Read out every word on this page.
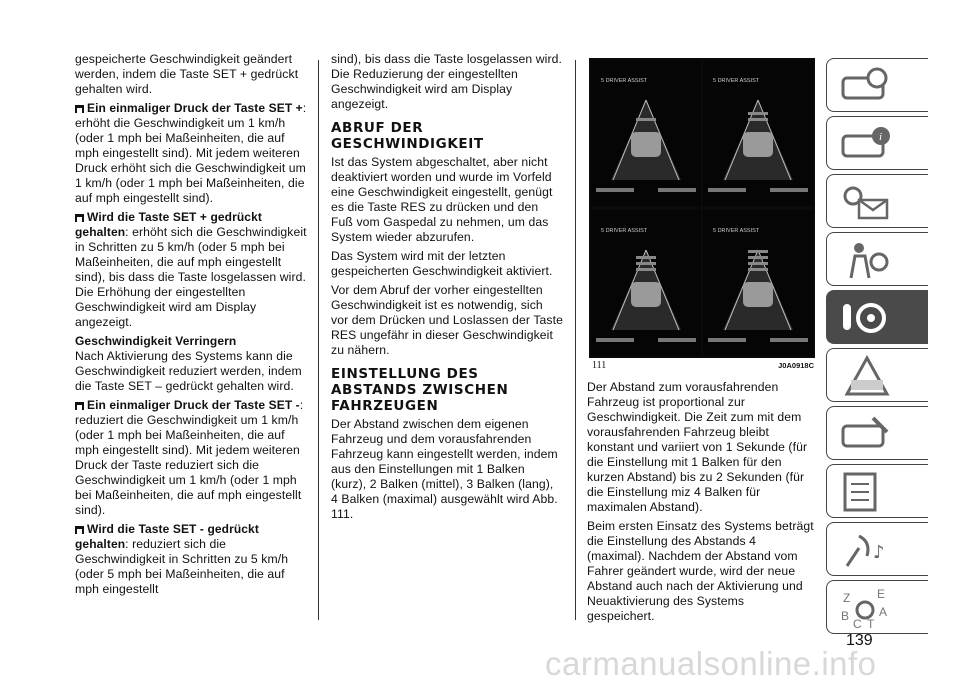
gespeicherte Geschwindigkeit geändert werden, indem die Taste SET + gedrückt gehalten wird.

Ein einmaliger Druck der Taste SET +: erhöht die Geschwindigkeit um 1 km/h (oder 1 mph bei Maßeinheiten, die auf mph eingestellt sind). Mit jedem weiteren Druck erhöht sich die Geschwindigkeit um 1 km/h (oder 1 mph bei Maßeinheiten, die auf mph eingestellt sind).

Wird die Taste SET + gedrückt gehalten: erhöht sich die Geschwindigkeit in Schritten zu 5 km/h (oder 5 mph bei Maßeinheiten, die auf mph eingestellt sind), bis dass die Taste losgelassen wird. Die Erhöhung der eingestellten Geschwindigkeit wird am Display angezeigt.

Geschwindigkeit Verringern
Nach Aktivierung des Systems kann die Geschwindigkeit reduziert werden, indem die Taste SET – gedrückt gehalten wird.

Ein einmaliger Druck der Taste SET -: reduziert die Geschwindigkeit um 1 km/h (oder 1 mph bei Maßeinheiten, die auf mph eingestellt sind). Mit jedem weiteren Druck der Taste reduziert sich die Geschwindigkeit um 1 km/h (oder 1 mph bei Maßeinheiten, die auf mph eingestellt sind).

Wird die Taste SET - gedrückt gehalten: reduziert sich die Geschwindigkeit in Schritten zu 5 km/h (oder 5 mph bei Maßeinheiten, die auf mph eingestellt

sind), bis dass die Taste losgelassen wird. Die Reduzierung der eingestellten Geschwindigkeit wird am Display angezeigt.

ABRUF DER GESCHWINDIGKEIT

Ist das System abgeschaltet, aber nicht deaktiviert worden und wurde im Vorfeld eine Geschwindigkeit eingestellt, genügt es die Taste RES zu drücken und den Fuß vom Gaspedal zu nehmen, um das System wieder abzurufen.

Das System wird mit der letzten gespeicherten Geschwindigkeit aktiviert.

Vor dem Abruf der vorher eingestellten Geschwindigkeit ist es notwendig, sich vor dem Drücken und Loslassen der Taste RES ungefähr in dieser Geschwindigkeit zu nähern.

EINSTELLUNG DES ABSTANDS ZWISCHEN FAHRZEUGEN

Der Abstand zwischen dem eigenen Fahrzeug und dem vorausfahrenden Fahrzeug kann eingestellt werden, indem aus den Einstellungen mit 1 Balken (kurz), 2 Balken (mittel), 3 Balken (lang), 4 Balken (maximal) ausgewählt wird Abb. 111.

5 DRIVER ASSIST	5 DRIVER ASSIST
5 DRIVER ASSIST	5 DRIVER ASSIST
111	J0A0918C

Der Abstand zum vorausfahrenden Fahrzeug ist proportional zur Geschwindigkeit. Die Zeit zum mit dem vorausfahrenden Fahrzeug bleibt konstant und variiert von 1 Sekunde (für die Einstellung mit 1 Balken für den kurzen Abstand) bis zu 2 Sekunden (für die Einstellung miz 4 Balken für maximalen Abstand).

Beim ersten Einsatz des Systems beträgt die Einstellung des Abstands 4 (maximal). Nachdem der Abstand vom Fahrer geändert wurde, wird der neue Abstand auch nach der Aktivierung und Neuaktivierung des Systems gespeichert.

i
♪
Z E
A
B
C T
139
carmanualsonline.info
